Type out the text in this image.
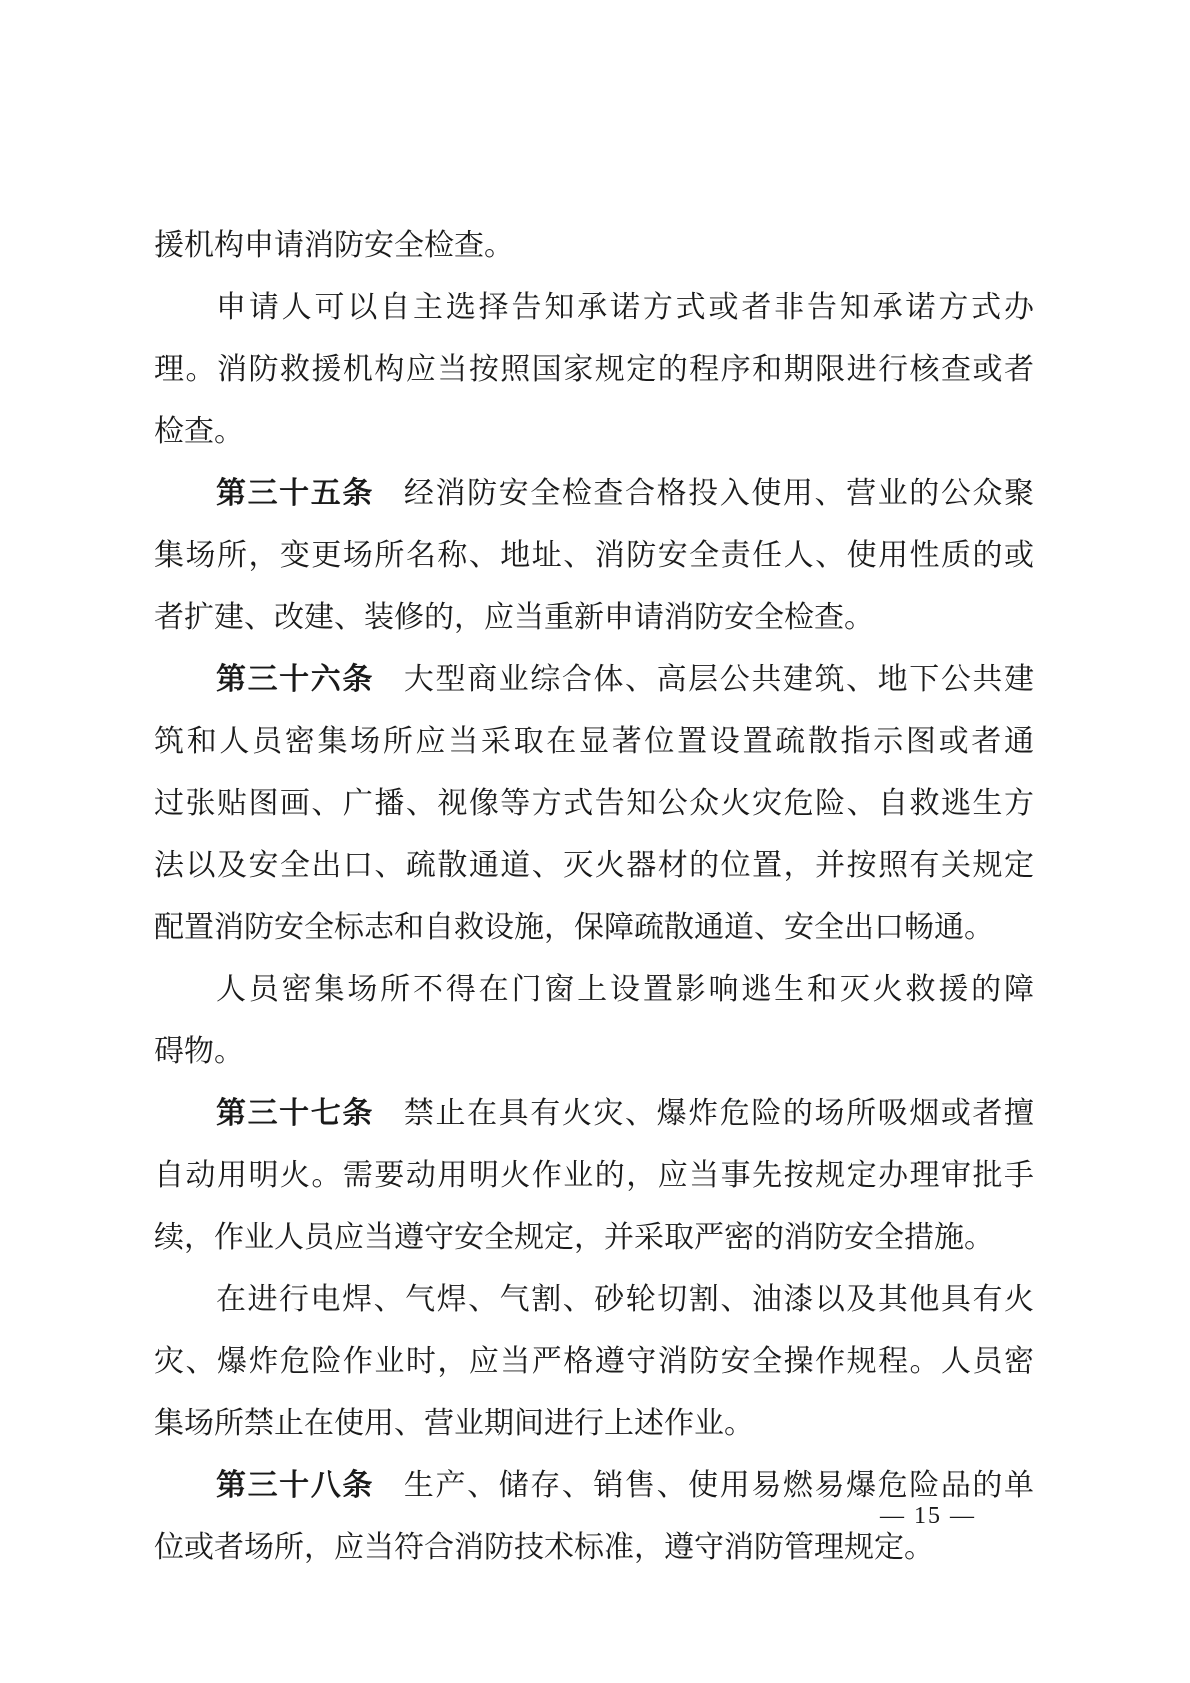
援机构申请消防安全检查。
申请人可以自主选择告知承诺方式或者非告知承诺方式办
理。消防救援机构应当按照国家规定的程序和期限进行核查或者
检查。
第三十五条 经消防安全检查合格投入使用、营业的公众聚
集场所，变更场所名称、地址、消防安全责任人、使用性质的或
者扩建、改建、装修的，应当重新申请消防安全检查。
第三十六条 大型商业综合体、高层公共建筑、地下公共建
筑和人员密集场所应当采取在显著位置设置疏散指示图或者通
过张贴图画、广播、视像等方式告知公众火灾危险、自救逃生方
法以及安全出口、疏散通道、灭火器材的位置，并按照有关规定
配置消防安全标志和自救设施，保障疏散通道、安全出口畅通。
人员密集场所不得在门窗上设置影响逃生和灭火救援的障
碍物。
第三十七条 禁止在具有火灾、爆炸危险的场所吸烟或者擅
自动用明火。需要动用明火作业的，应当事先按规定办理审批手
续，作业人员应当遵守安全规定，并采取严密的消防安全措施。
在进行电焊、气焊、气割、砂轮切割、油漆以及其他具有火
灾、爆炸危险作业时，应当严格遵守消防安全操作规程。人员密
集场所禁止在使用、营业期间进行上述作业。
第三十八条 生产、储存、销售、使用易燃易爆危险品的单
位或者场所，应当符合消防技术标准，遵守消防管理规定。
— 15 —
